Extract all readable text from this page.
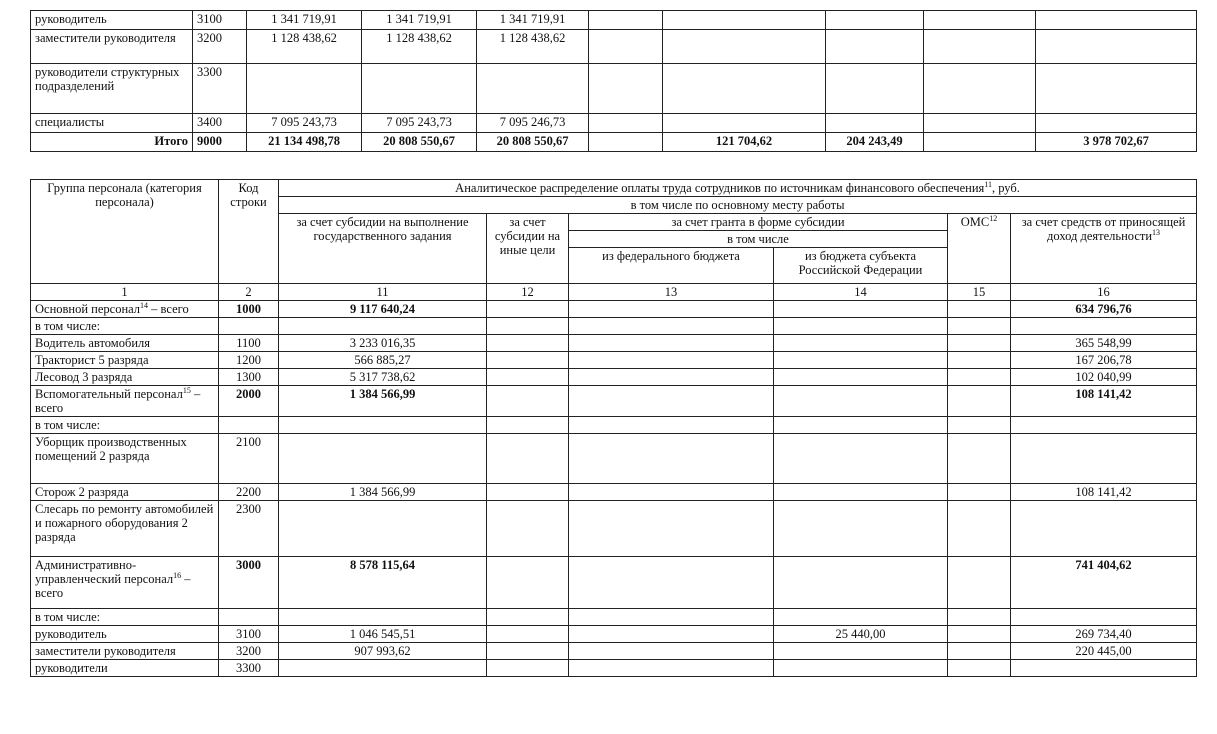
руководитель	3100	1 341 719,91	1 341 719,91	1 341 719,91					
заместители руководителя	3200	1 128 438,62	1 128 438,62	1 128 438,62					
руководители структурных подразделений	3300								
специалисты	3400	7 095 243,73	7 095 243,73	7 095 246,73					
Итого	9000	21 134 498,78	20 808 550,67	20 808 550,67		121 704,62	204 243,49		3 978 702,67
Группа персонала (категория персонала)	Код строки	Аналитическое распределение оплаты труда сотрудников по источникам финансового обеспечения$^{11}$, руб.					
		в том числе по основному месту работы					
		за счет субсидии на выполнение государственного задания	за счет субсидии на иные цели	за счет гранта в форме субсидии		ОМС$^{12}$	за счет средств от приносящей доход деятельности$^{13}$
				в том числе			
				из федерального бюджета	из бюджета субъекта Российской Федерации		
1	2	11	12	13	14	15	16
Основной персонал$^{14}$ – всего	1000	9 117 640,24					634 796,76
в том числе:							
Водитель автомобиля	1100	3 233 016,35					365 548,99
Тракторист 5 разряда	1200	566 885,27					167 206,78
Лесовод 3 разряда	1300	5 317 738,62					102 040,99
Вспомогательный персонал$^{15}$ –всего	2000	1 384 566,99					108 141,42
в том числе:							
Уборщик производственных помещений 2 разряда	2100						
Сторож 2 разряда	2200	1 384 566,99					108 141,42
Слесарь по ремонту автомобилей и пожарного оборудования 2 разряда	2300						
Административно-управленческий персонал$^{16}$ – всего	3000	8 578 115,64					741 404,62
в том числе:							
руководитель	3100	1 046 545,51			25 440,00		269 734,40
заместители руководителя	3200	907 993,62					220 445,00
руководители	3300						
